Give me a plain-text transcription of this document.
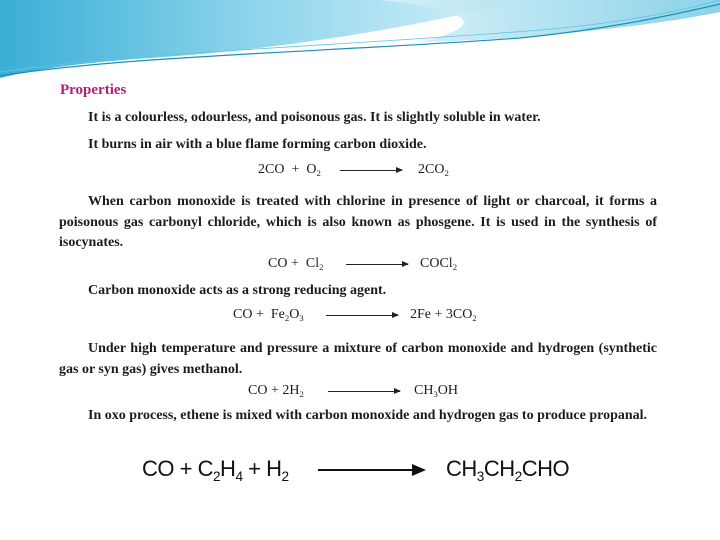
Properties
It is a colourless, odourless, and poisonous gas. It is slightly soluble in water.
It burns in air with a blue flame forming carbon dioxide.
$2CO + O_2$	$2CO_2$
When carbon monoxide is treated with chlorine in presence of light or charcoal, it forms a poisonous gas carbonyl chloride, which is also known as phosgene. It is used in the synthesis of isocynates.
CO + $Cl_2$	COCl$_2$
Carbon monoxide acts as a strong reducing agent.
CO + $Fe_2O_3$	$2Fe + 3CO_2$
Under high temperature and pressure a mixture of carbon monoxide and hydrogen (synthetic gas or syn gas) gives methanol.
CO + $2H_2$	$CH_3OH$
In oxo process, ethene is mixed with carbon monoxide and hydrogen gas to produce propanal.
CO + $C_2H_4 + H_2$	$CH_3CH_2CHO$
